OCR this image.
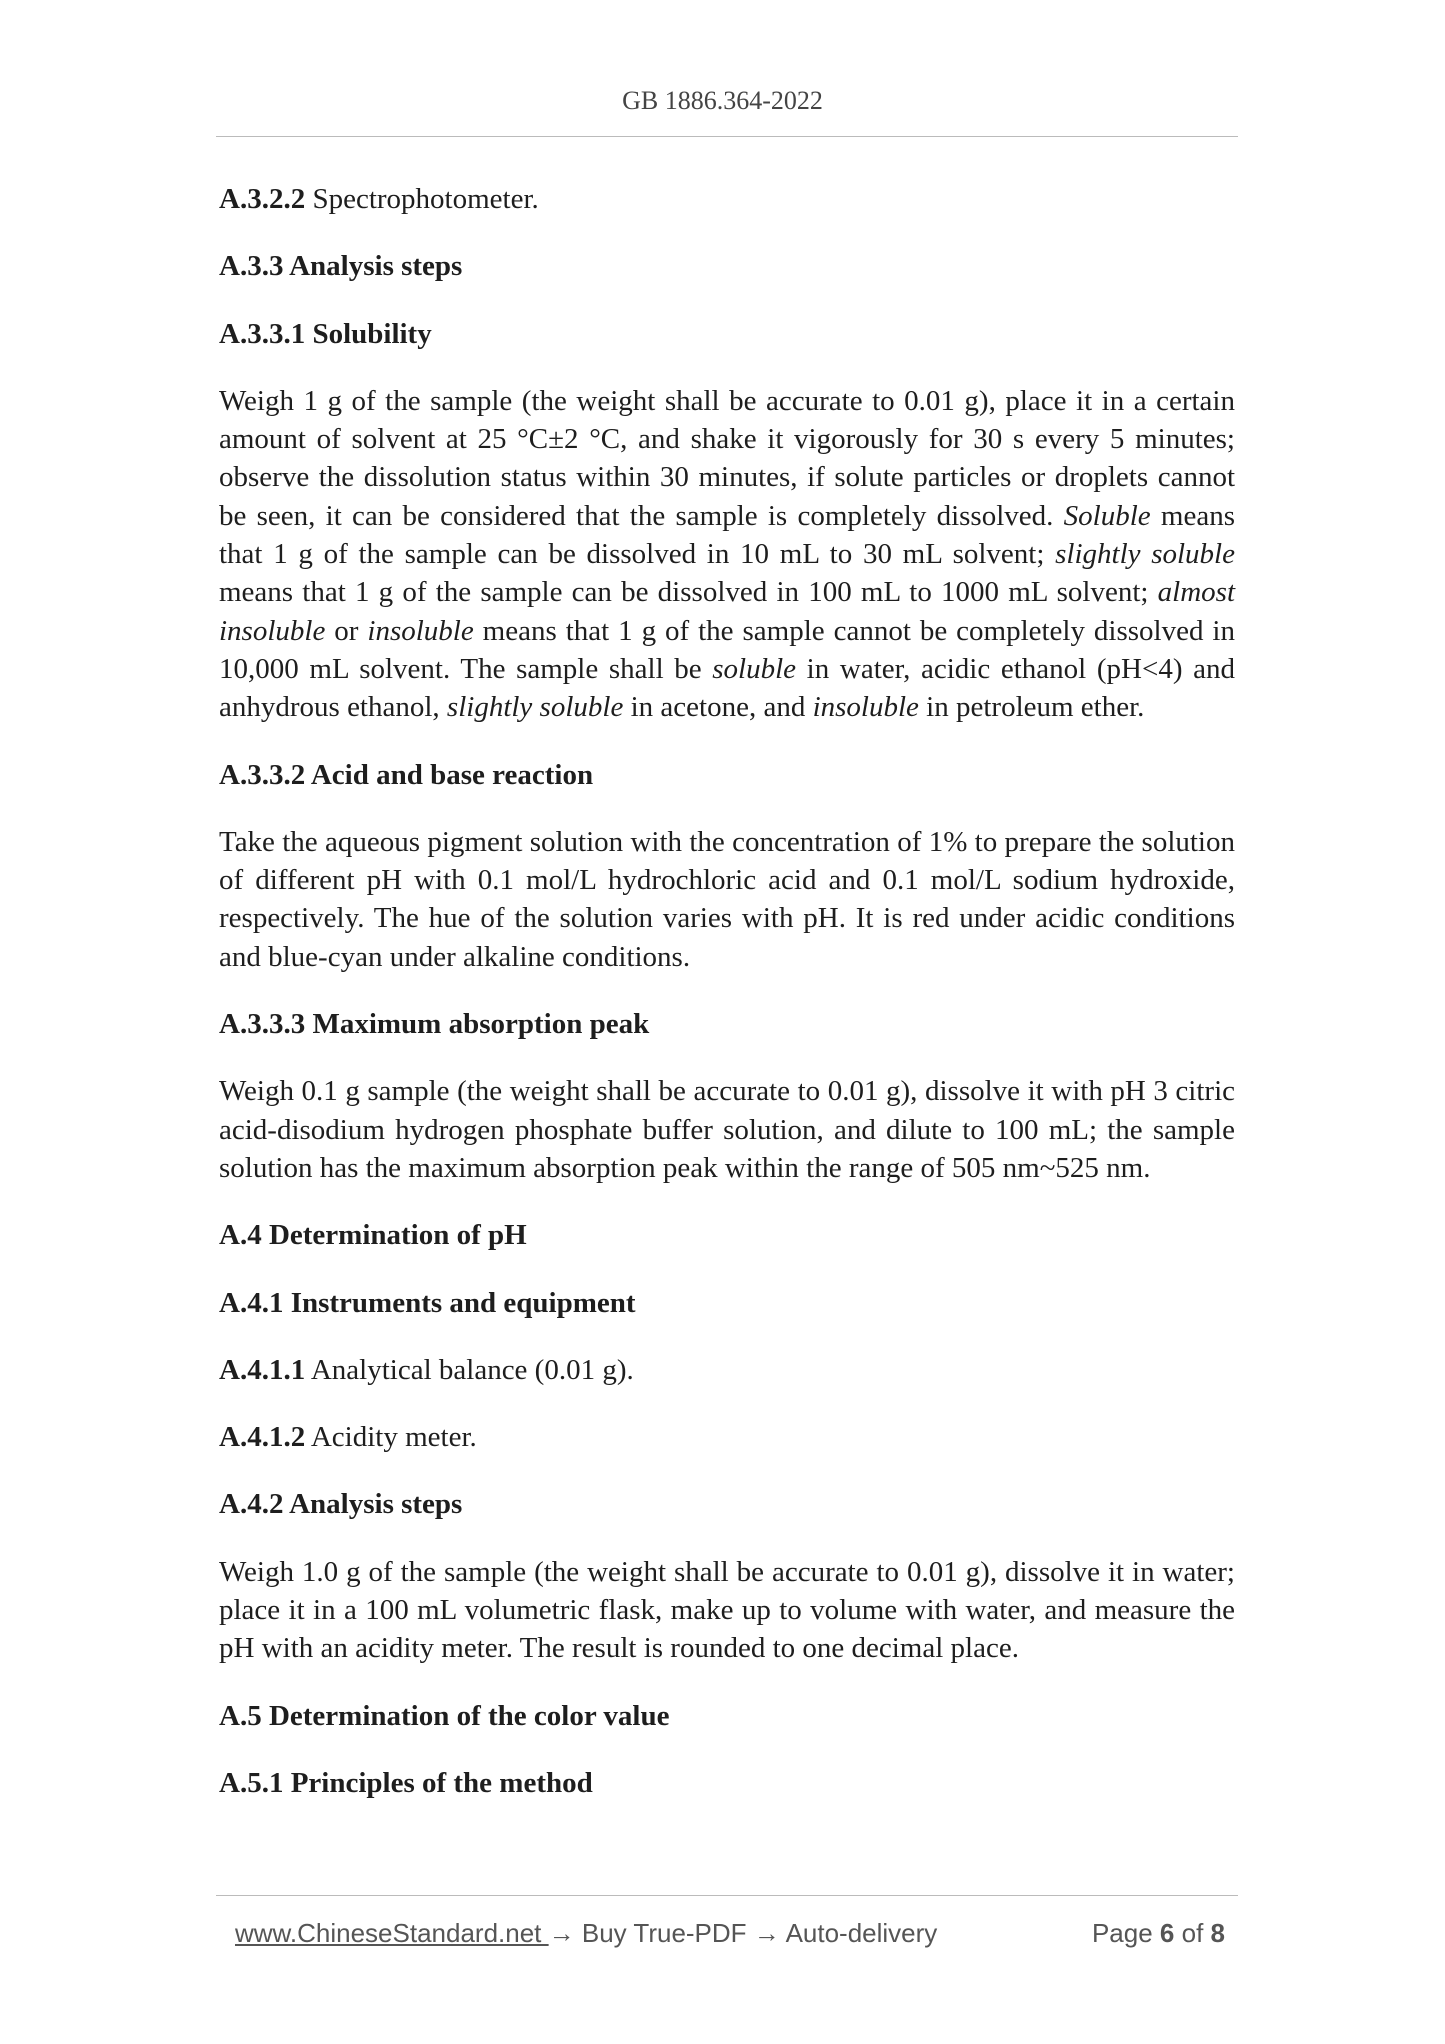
GB 1886.364-2022

A.3.2.2 Spectrophotometer.

A.3.3 Analysis steps

A.3.3.1 Solubility

Weigh 1 g of the sample (the weight shall be accurate to 0.01 g), place it in a certain amount of solvent at 25 °C±2 °C, and shake it vigorously for 30 s every 5 minutes; observe the dissolution status within 30 minutes, if solute particles or droplets cannot be seen, it can be considered that the sample is completely dissolved. Soluble means that 1 g of the sample can be dissolved in 10 mL to 30 mL solvent; slightly soluble means that 1 g of the sample can be dissolved in 100 mL to 1000 mL solvent; almost insoluble or insoluble means that 1 g of the sample cannot be completely dissolved in 10,000 mL solvent. The sample shall be soluble in water, acidic ethanol (pH<4) and anhydrous ethanol, slightly soluble in acetone, and insoluble in petroleum ether.

A.3.3.2 Acid and base reaction

Take the aqueous pigment solution with the concentration of 1% to prepare the solution of different pH with 0.1 mol/L hydrochloric acid and 0.1 mol/L sodium hydroxide, respectively. The hue of the solution varies with pH. It is red under acidic conditions and blue-cyan under alkaline conditions.

A.3.3.3 Maximum absorption peak

Weigh 0.1 g sample (the weight shall be accurate to 0.01 g), dissolve it with pH 3 citric acid-disodium hydrogen phosphate buffer solution, and dilute to 100 mL; the sample solution has the maximum absorption peak within the range of 505 nm~525 nm.

A.4 Determination of pH

A.4.1 Instruments and equipment

A.4.1.1 Analytical balance (0.01 g).

A.4.1.2 Acidity meter.

A.4.2 Analysis steps

Weigh 1.0 g of the sample (the weight shall be accurate to 0.01 g), dissolve it in water; place it in a 100 mL volumetric flask, make up to volume with water, and measure the pH with an acidity meter. The result is rounded to one decimal place.

A.5 Determination of the color value

A.5.1 Principles of the method

www.ChineseStandard.net → Buy True-PDF → Auto-delivery	Page 6 of 8
